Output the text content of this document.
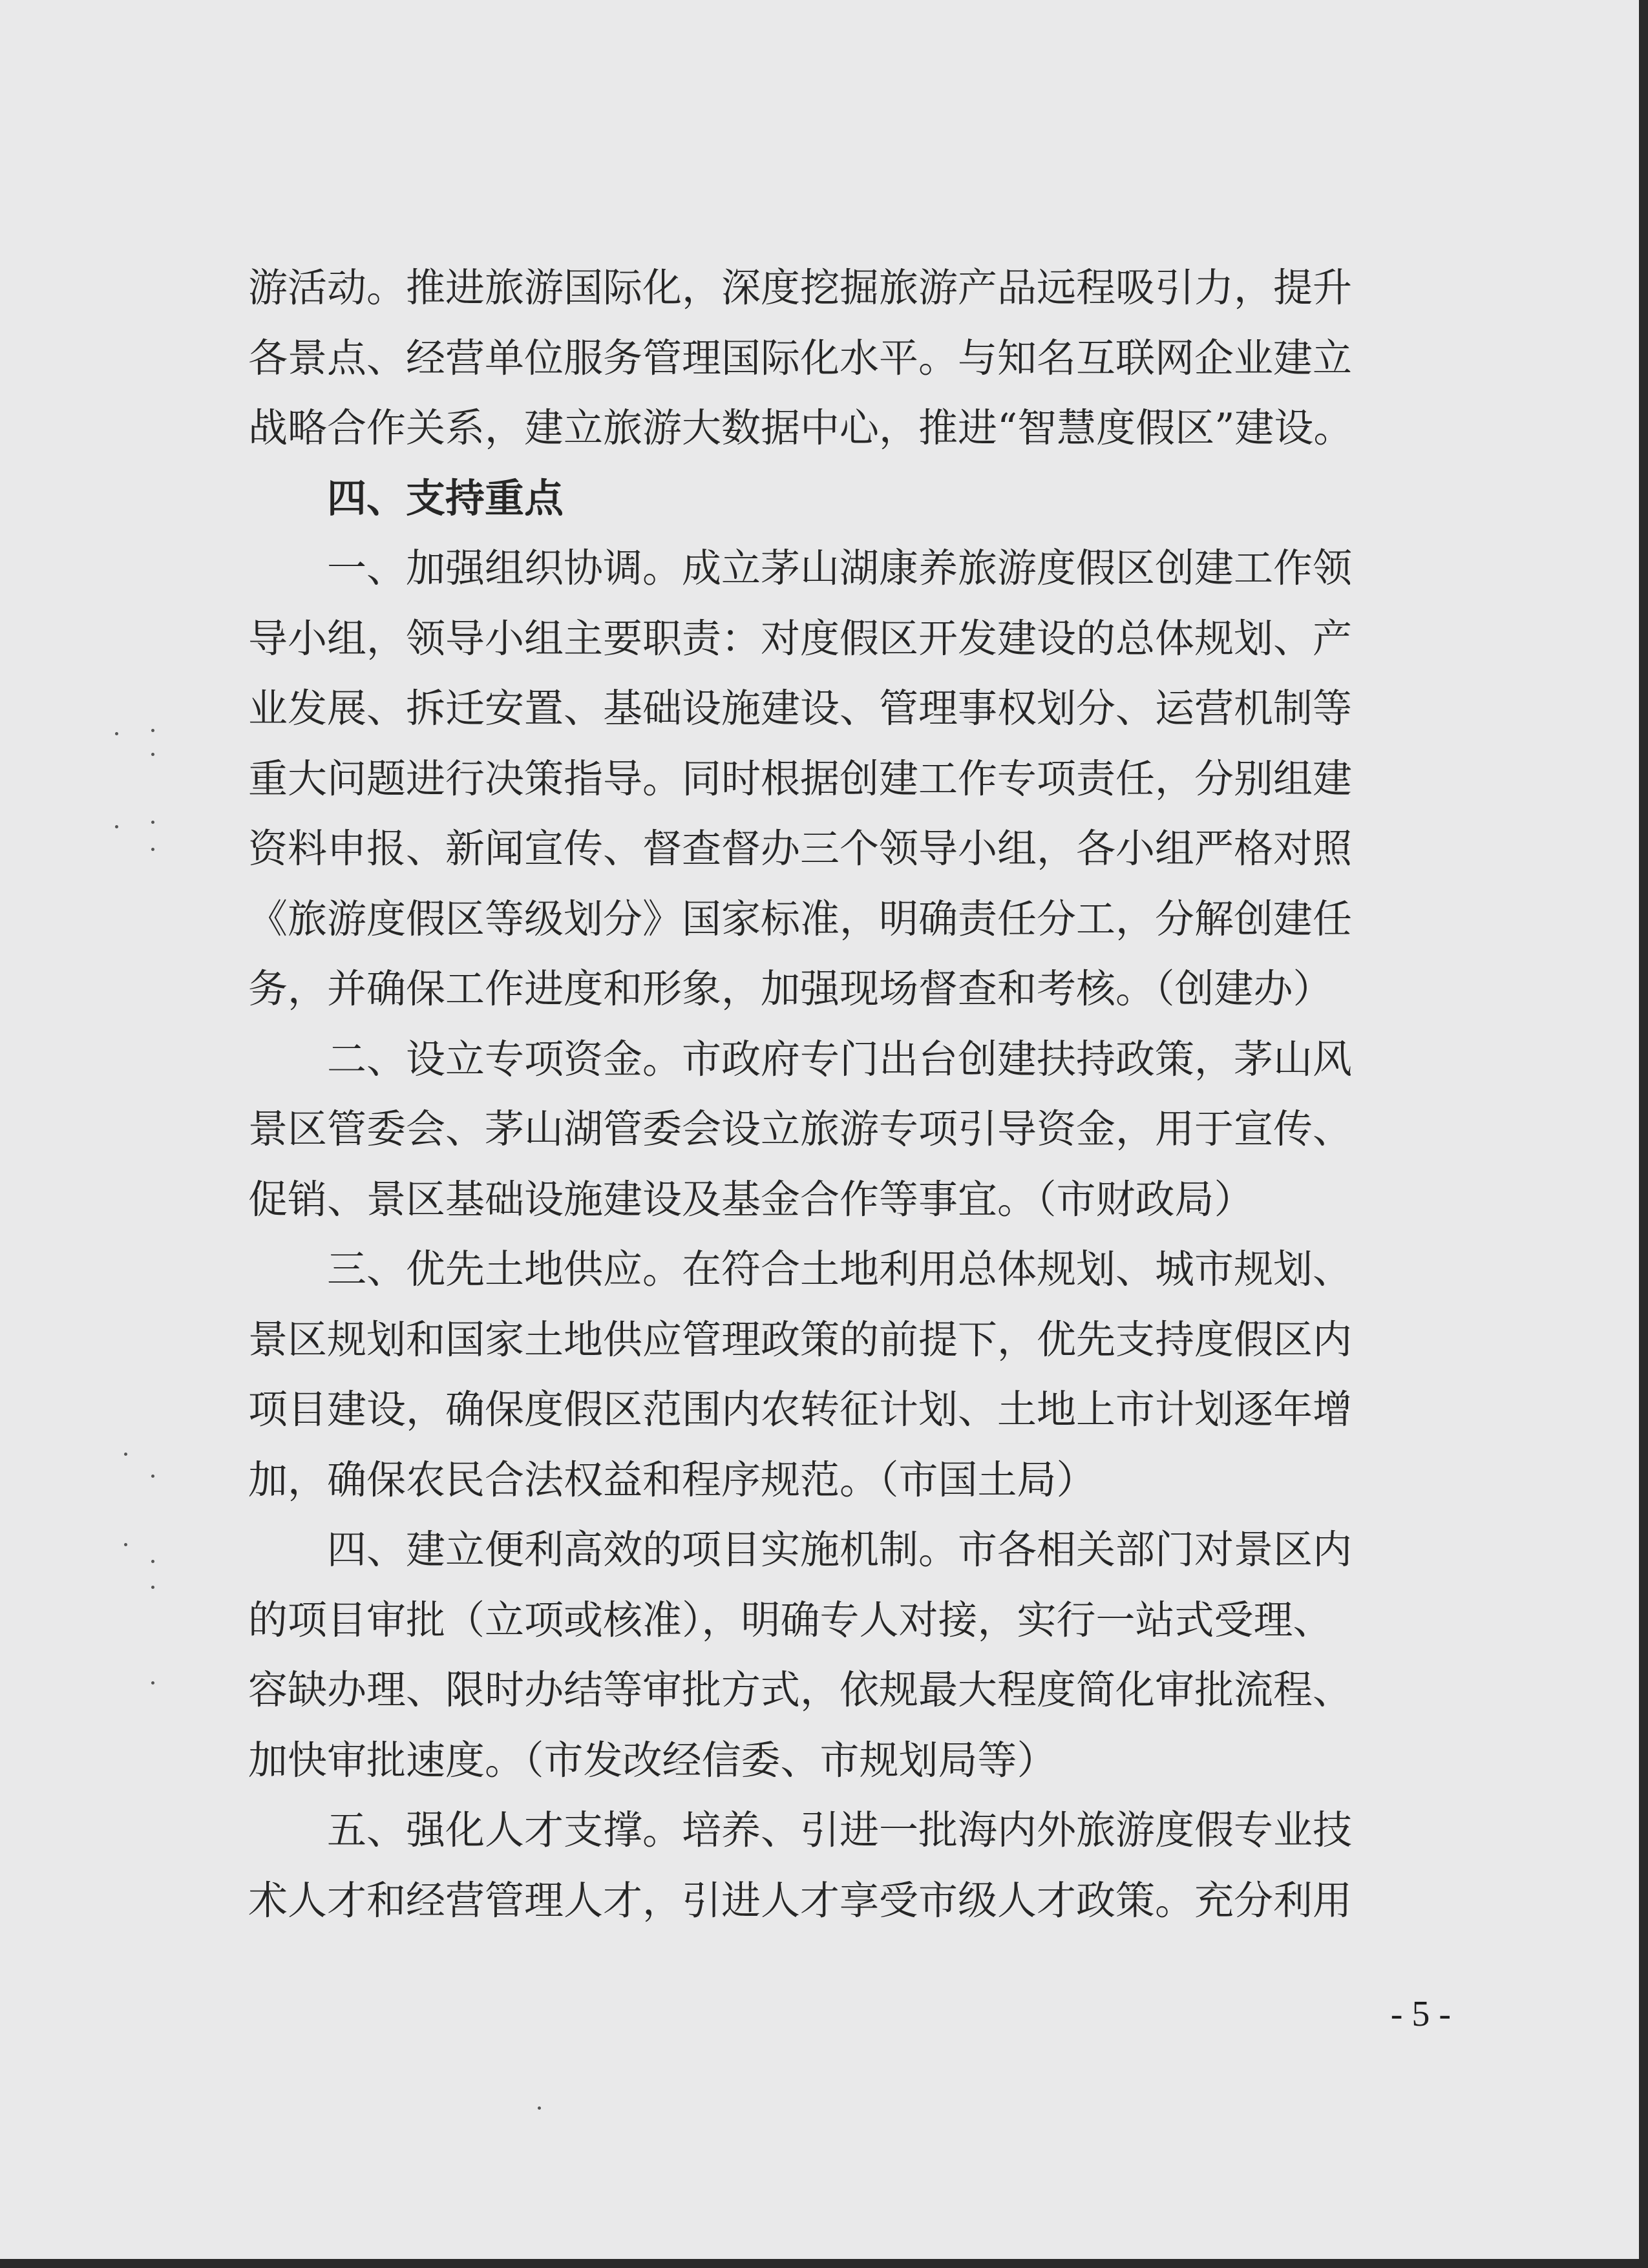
游活动。推进旅游国际化，深度挖掘旅游产品远程吸引力，提升

各景点、经营单位服务管理国际化水平。与知名互联网企业建立

战略合作关系，建立旅游大数据中心，推进“智慧度假区”建设。

四、支持重点

一、加强组织协调。成立茅山湖康养旅游度假区创建工作领

导小组，领导小组主要职责：对度假区开发建设的总体规划、产

业发展、拆迁安置、基础设施建设、管理事权划分、运营机制等

重大问题进行决策指导。同时根据创建工作专项责任，分别组建

资料申报、新闻宣传、督查督办三个领导小组，各小组严格对照

《旅游度假区等级划分》国家标准，明确责任分工，分解创建任

务，并确保工作进度和形象，加强现场督查和考核。（创建办）

二、设立专项资金。市政府专门出台创建扶持政策，茅山风

景区管委会、茅山湖管委会设立旅游专项引导资金，用于宣传、

促销、景区基础设施建设及基金合作等事宜。（市财政局）

三、优先土地供应。在符合土地利用总体规划、城市规划、

景区规划和国家土地供应管理政策的前提下，优先支持度假区内

项目建设，确保度假区范围内农转征计划、土地上市计划逐年增

加，确保农民合法权益和程序规范。（市国土局）

四、建立便利高效的项目实施机制。市各相关部门对景区内

的项目审批（立项或核准），明确专人对接，实行一站式受理、

容缺办理、限时办结等审批方式，依规最大程度简化审批流程、

加快审批速度。（市发改经信委、市规划局等）

五、强化人才支撑。培养、引进一批海内外旅游度假专业技

术人才和经营管理人才，引进人才享受市级人才政策。充分利用

- 5 -
